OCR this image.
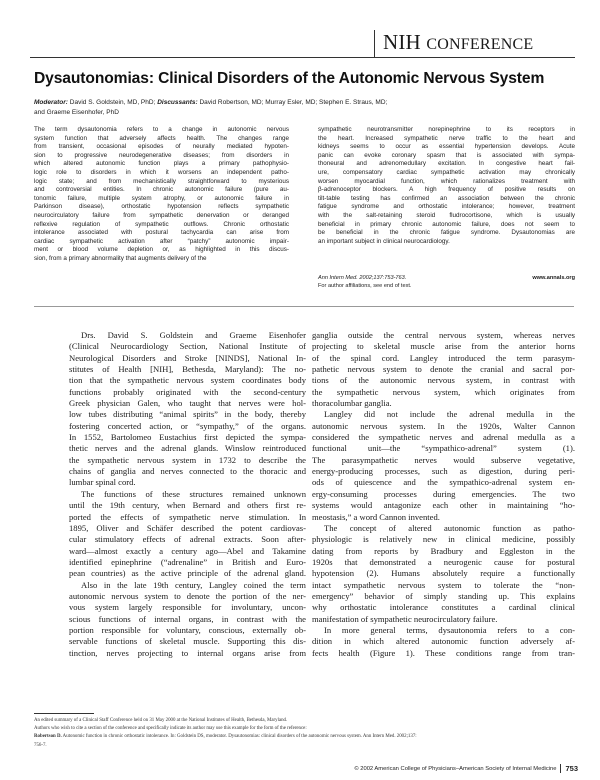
NIH CONFERENCE
Dysautonomias: Clinical Disorders of the Autonomic Nervous System
Moderator: David S. Goldstein, MD, PhD; Discussants: David Robertson, MD; Murray Esler, MD; Stephen E. Straus, MD;
and Graeme Eisenhofer, PhD
The term dysautonomia refers to a change in autonomic nervous
system function that adversely affects health. The changes range
from transient, occasional episodes of neurally mediated hypoten-
sion to progressive neurodegenerative diseases; from disorders in
which altered autonomic function plays a primary pathophysio-
logic role to disorders in which it worsens an independent patho-
logic state; and from mechanistically straightforward to mysterious
and controversial entities. In chronic autonomic failure (pure au-
tonomic failure, multiple system atrophy, or autonomic failure in
Parkinson disease), orthostatic hypotension reflects sympathetic
neurocirculatory failure from sympathetic denervation or deranged
reflexive regulation of sympathetic outflows. Chronic orthostatic
intolerance associated with postural tachycardia can arise from
cardiac sympathetic activation after “patchy” autonomic impair-
ment or blood volume depletion or, as highlighted in this discus-
sion, from a primary abnormality that augments delivery of the
sympathetic neurotransmitter norepinephrine to its receptors in
the heart. Increased sympathetic nerve traffic to the heart and
kidneys seems to occur as essential hypertension develops. Acute
panic can evoke coronary spasm that is associated with sympa-
thoneural and adrenomedullary excitation. In congestive heart fail-
ure, compensatory cardiac sympathetic activation may chronically
worsen myocardial function, which rationalizes treatment with
β-adrenoceptor blockers. A high frequency of positive results on
tilt-table testing has confirmed an association between the chronic
fatigue syndrome and orthostatic intolerance; however, treatment
with the salt-retaining steroid fludrocortisone, which is usually
beneficial in primary chronic autonomic failure, does not seem to
be beneficial in the chronic fatigue syndrome. Dysautonomias are
an important subject in clinical neurocardiology.
Ann Intern Med. 2002;137:753-763.	www.annals.org

For author affiliations, see end of text.
Drs. David S. Goldstein and Graeme Eisenhofer
(Clinical Neurocardiology Section, National Institute of
Neurological Disorders and Stroke [NINDS], National In-
stitutes of Health [NIH], Bethesda, Maryland): The no-
tion that the sympathetic nervous system coordinates body
functions probably originated with the second-century
Greek physician Galen, who taught that nerves were hol-
low tubes distributing “animal spirits” in the body, thereby
fostering concerted action, or “sympathy,” of the organs.
In 1552, Bartolomeo Eustachius first depicted the sympa-
thetic nerves and the adrenal glands. Winslow reintroduced
the sympathetic nervous system in 1732 to describe the
chains of ganglia and nerves connected to the thoracic and
lumbar spinal cord.
The functions of these structures remained unknown
until the 19th century, when Bernard and others first re-
ported the effects of sympathetic nerve stimulation. In
1895, Oliver and Schäfer described the potent cardiovas-
cular stimulatory effects of adrenal extracts. Soon after-
ward—almost exactly a century ago—Abel and Takamine
identified epinephrine (“adrenaline” in British and Euro-
pean countries) as the active principle of the adrenal gland.
Also in the late 19th century, Langley coined the term
autonomic nervous system to denote the portion of the ner-
vous system largely responsible for involuntary, uncon-
scious functions of internal organs, in contrast with the
portion responsible for voluntary, conscious, externally ob-
servable functions of skeletal muscle. Supporting this dis-
tinction, nerves projecting to internal organs arise from
ganglia outside the central nervous system, whereas nerves
projecting to skeletal muscle arise from the anterior horns
of the spinal cord. Langley introduced the term parasym-
pathetic nervous system to denote the cranial and sacral por-
tions of the autonomic nervous system, in contrast with
the sympathetic nervous system, which originates from
thoracolumbar ganglia.
Langley did not include the adrenal medulla in the
autonomic nervous system. In the 1920s, Walter Cannon
considered the sympathetic nerves and adrenal medulla as a
functional unit—the “sympathico-adrenal” system (1).
The parasympathetic nerves would subserve vegetative,
energy-producing processes, such as digestion, during peri-
ods of quiescence and the sympathico-adrenal system en-
ergy-consuming processes during emergencies. The two
systems would antagonize each other in maintaining “ho-
meostasis,” a word Cannon invented.
The concept of altered autonomic function as patho-
physiologic is relatively new in clinical medicine, possibly
dating from reports by Bradbury and Eggleston in the
1920s that demonstrated a neurogenic cause for postural
hypotension (2). Humans absolutely require a functionally
intact sympathetic nervous system to tolerate the “non-
emergency” behavior of simply standing up. This explains
why orthostatic intolerance constitutes a cardinal clinical
manifestation of sympathetic neurocirculatory failure.
In more general terms, dysautonomia refers to a con-
dition in which altered autonomic function adversely af-
fects health (Figure 1). These conditions range from tran-
An edited summary of a Clinical Staff Conference held on 31 May 2000 at the National Institutes of Health, Bethesda, Maryland.
Authors who wish to cite a section of the conference and specifically indicate its author may use this example for the form of the reference:
Robertson D. Autonomic function in chronic orthostatic intolerance. In: Goldstein DS, moderator. Dysautonomias: clinical disorders of the autonomic nervous system. Ann Intern Med. 2002;137:
756-7.
© 2002 American College of Physicians–American Society of Internal Medicine 753
